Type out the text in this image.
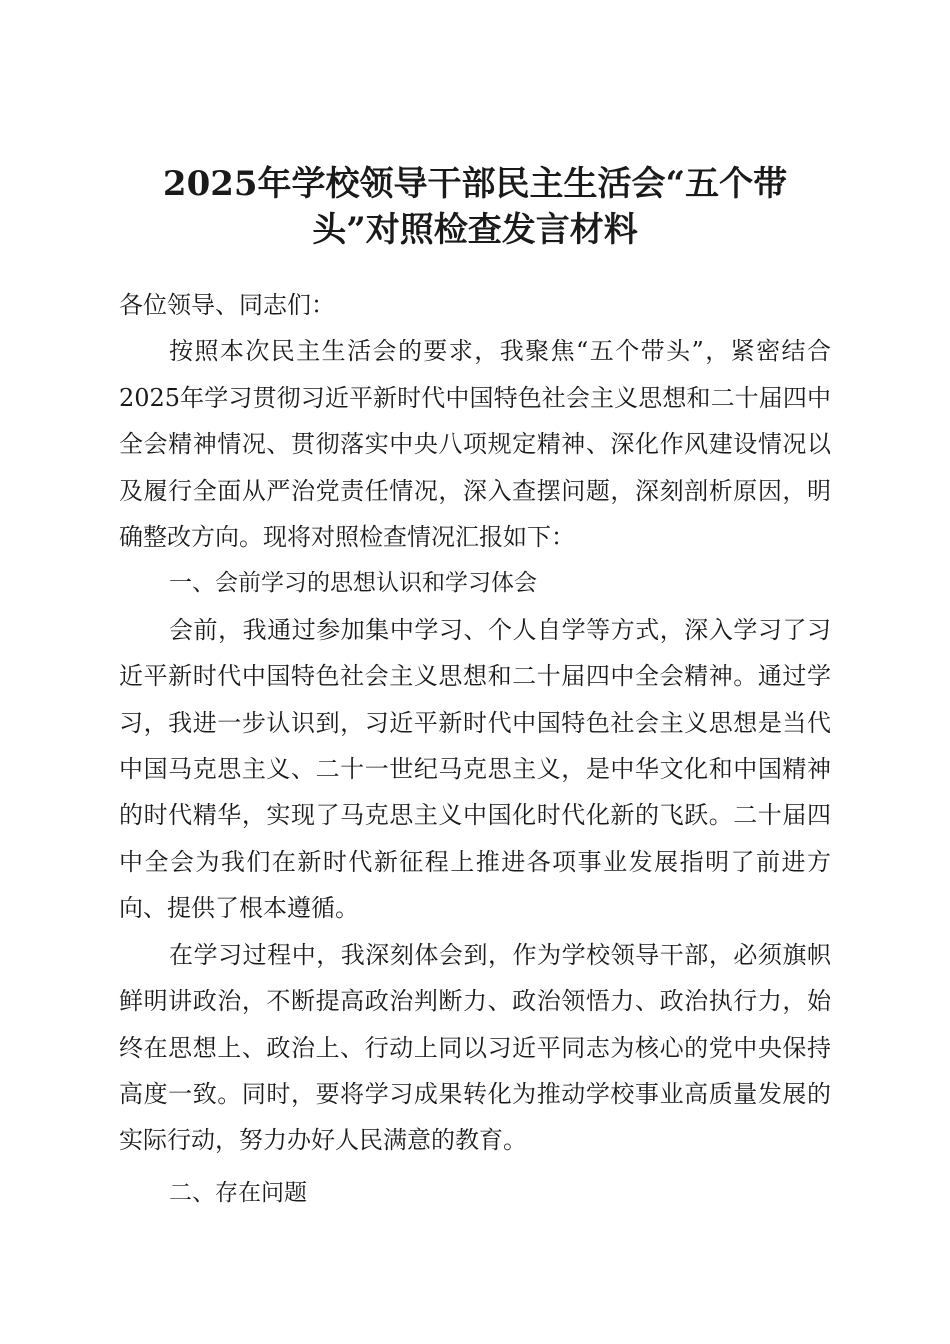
2025年学校领导干部民主生活会“五个带
头”对照检查发言材料

各位领导、同志们：

按照本次民主生活会的要求，我聚焦“五个带头”，紧密结合2025年学习贯彻习近平新时代中国特色社会主义思想和二十届四中全会精神情况、贯彻落实中央八项规定精神、深化作风建设情况以及履行全面从严治党责任情况，深入查摆问题，深刻剖析原因，明确整改方向。现将对照检查情况汇报如下：

一、会前学习的思想认识和学习体会

会前，我通过参加集中学习、个人自学等方式，深入学习了习近平新时代中国特色社会主义思想和二十届四中全会精神。通过学习，我进一步认识到，习近平新时代中国特色社会主义思想是当代中国马克思主义、二十一世纪马克思主义，是中华文化和中国精神的时代精华，实现了马克思主义中国化时代化新的飞跃。二十届四中全会为我们在新时代新征程上推进各项事业发展指明了前进方向、提供了根本遵循。

在学习过程中，我深刻体会到，作为学校领导干部，必须旗帜鲜明讲政治，不断提高政治判断力、政治领悟力、政治执行力，始终在思想上、政治上、行动上同以习近平同志为核心的党中央保持高度一致。同时，要将学习成果转化为推动学校事业高质量发展的实际行动，努力办好人民满意的教育。

二、存在问题
